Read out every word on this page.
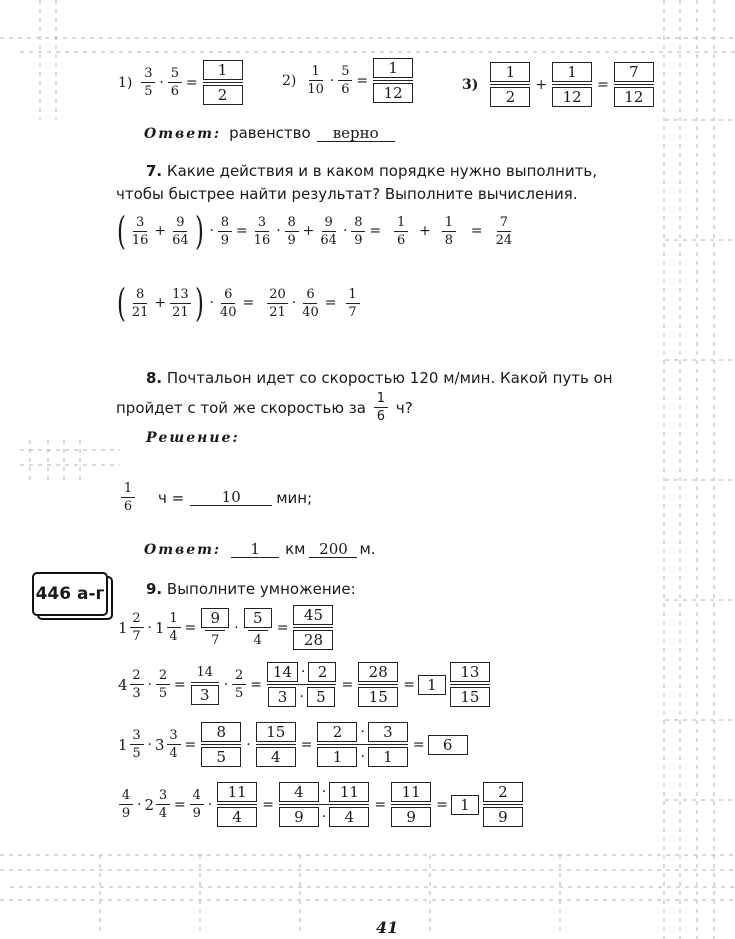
1)
3
5
· $\frac{5}{6} = \frac{1}{2}$	2)
1
10
· $\frac{5}{6} = \frac{1}{12}$	3)
1
2
+ $\frac{1}{12} = \frac{7}{12}$
Ответ: равенство	верно
7. Какие действия и в каком порядке нужно выполнить,
чтобы быстрее найти результат? Выполните вычисления.
( 3
16
+ $\frac{9}{64}$ ) · $\frac{8}{9} = \frac{3}{16}$ ·
8
9
+ $\frac{9}{64} \cdot \frac{8}{9} = \frac{1}{6} + \frac{1}{8} = \frac{7}{24}$
( 8
21
+ $\frac{13}{21}$ ) · $\frac{6}{40} = \frac{20}{21} \cdot \frac{6}{40} = \frac{1}{7}$
8. Почтальон идет со скоростью 120 м/мин. Какой путь он
пройдет с той же скоростью за 1
6 ч?
Решение:
1
6 ч =	10	мин;
Ответ:	1	км 200 м.
446 а-г	9. Выполните умножение:
1 2
7
· 1 1
4
= $\frac{9}{7} \cdot \frac{5}{4} = \frac{45}{28}$
4 2
3
· $\frac{2}{5} = \frac{14}{3} \cdot \frac{2}{5}$ =
14 · 2
3 · 5
= $\frac{28}{15} = 1$
13
15
1 3
5
· 3 3
4
= $\frac{8}{5} \cdot \frac{15}{4}$ =
2	·	3
1	·	1
=	6
4
9
· 2 3
4
= $\frac{4}{9} \cdot \frac{11}{4}$ =
4	· 11
9	·	4
= $\frac{11}{9} = 1$
2
9
41
